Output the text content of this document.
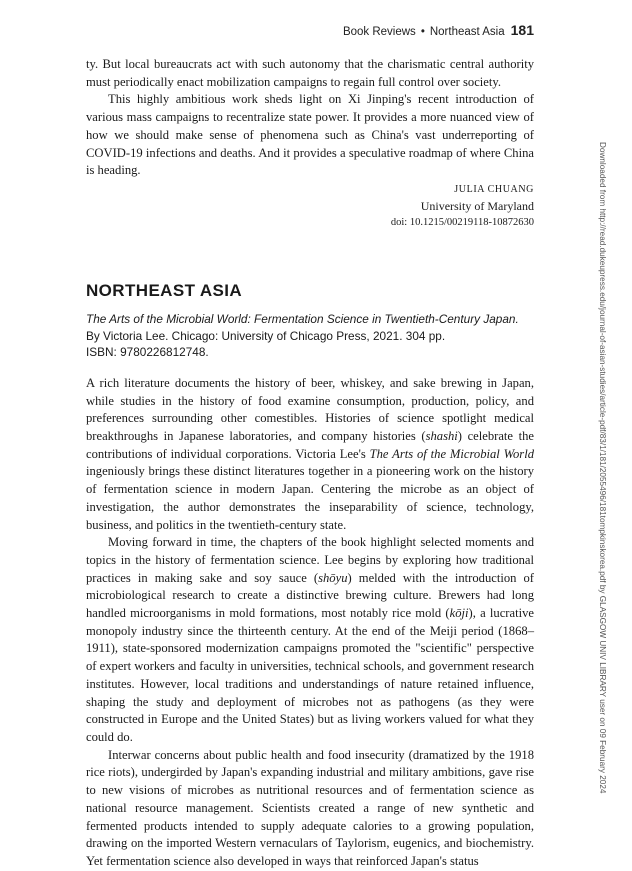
Book Reviews • Northeast Asia 181
Downloaded from http://read.dukeupress.edu/journal-of-asian-studies/article-pdf/83/1/181/2055496/181tompkinskorea.pdf by GLASGOW UNIV LIBRARY user on 09 February 2024

ty. But local bureaucrats act with such autonomy that the charismatic central authority must periodically enact mobilization campaigns to regain full control over society.

This highly ambitious work sheds light on Xi Jinping's recent introduction of various mass campaigns to recentralize state power. It provides a more nuanced view of how we should make sense of phenomena such as China's vast underreporting of COVID-19 infections and deaths. And it provides a speculative roadmap of where China is heading.

JULIA CHUANG
University of Maryland
doi: 10.1215/00219118-10872630
NORTHEAST ASIA
The Arts of the Microbial World: Fermentation Science in Twentieth-Century Japan.
By Victoria Lee. Chicago: University of Chicago Press, 2021. 304 pp.
ISBN: 9780226812748.

A rich literature documents the history of beer, whiskey, and sake brewing in Japan, while studies in the history of food examine consumption, production, policy, and preferences surrounding other comestibles. Histories of science spotlight medical breakthroughs in Japanese laboratories, and company histories (shashi) celebrate the contributions of individual corporations. Victoria Lee's The Arts of the Microbial World ingeniously brings these distinct literatures together in a pioneering work on the history of fermentation science in modern Japan. Centering the microbe as an object of investigation, the author demonstrates the inseparability of science, technology, business, and politics in the twentieth-century state.

Moving forward in time, the chapters of the book highlight selected moments and topics in the history of fermentation science. Lee begins by exploring how traditional practices in making sake and soy sauce (shōyu) melded with the introduction of microbiological research to create a distinctive brewing culture. Brewers had long handled microorganisms in mold formations, most notably rice mold (kōji), a lucrative monopoly industry since the thirteenth century. At the end of the Meiji period (1868–1911), state-sponsored modernization campaigns promoted the "scientific" perspective of expert workers and faculty in universities, technical schools, and government research institutes. However, local traditions and understandings of nature retained influence, shaping the study and deployment of microbes not as pathogens (as they were constructed in Europe and the United States) but as living workers valued for what they could do.

Interwar concerns about public health and food insecurity (dramatized by the 1918 rice riots), undergirded by Japan's expanding industrial and military ambitions, gave rise to new visions of microbes as nutritional resources and of fermentation science as national resource management. Scientists created a range of new synthetic and fermented products intended to supply adequate calories to a growing population, drawing on the imported Western vernaculars of Taylorism, eugenics, and biochemistry. Yet fermentation science also developed in ways that reinforced Japan's status
